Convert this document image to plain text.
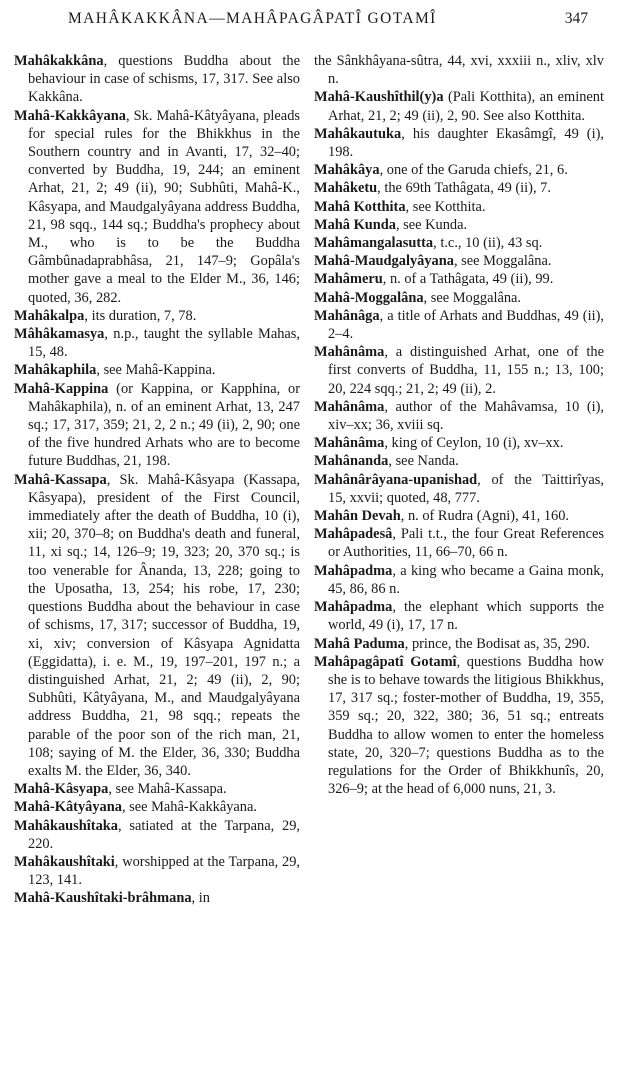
MAHÂKAKKÂNA—MAHÂPAGÂPATÎ GOTAMÎ	347

Mahâkakkâna, questions Buddha about the behaviour in case of schisms, 17, 317. See also Kakkâna.

Mahâ-Kakkâyana, Sk. Mahâ-Kâtyâyana, pleads for special rules for the Bhikkhus in the Southern country and in Avanti, 17, 32–40; converted by Buddha, 19, 244; an eminent Arhat, 21, 2; 49 (ii), 90; Subhûti, Mahâ-K., Kâsyapa, and Maudgalyâyana address Buddha, 21, 98 sqq., 144 sq.; Buddha's prophecy about M., who is to be the Buddha Gâmbûnadaprabhâsa, 21, 147–9; Gopâla's mother gave a meal to the Elder M., 36, 146; quoted, 36, 282.

Mahâkalpa, its duration, 7, 78.

Mâhâkamasya, n.p., taught the syllable Mahas, 15, 48.

Mahâkaphila, see Mahâ-Kappina.

Mahâ-Kappina (or Kappina, or Kapphina, or Mahâkaphila), n. of an eminent Arhat, 13, 247 sq.; 17, 317, 359; 21, 2, 2 n.; 49 (ii), 2, 90; one of the five hundred Arhats who are to become future Buddhas, 21, 198.

Mahâ-Kassapa, Sk. Mahâ-Kâsyapa (Kassapa, Kâsyapa), president of the First Council, immediately after the death of Buddha, 10 (i), xii; 20, 370–8; on Buddha's death and funeral, 11, xi sq.; 14, 126–9; 19, 323; 20, 370 sq.; is too venerable for Ânanda, 13, 228; going to the Uposatha, 13, 254; his robe, 17, 230; questions Buddha about the behaviour in case of schisms, 17, 317; successor of Buddha, 19, xi, xiv; conversion of Kâsyapa Agnidatta (Eggidatta), i. e. M., 19, 197–201, 197 n.; a distinguished Arhat, 21, 2; 49 (ii), 2, 90; Subhûti, Kâtyâyana, M., and Maudgalyâyana address Buddha, 21, 98 sqq.; repeats the parable of the poor son of the rich man, 21, 108; saying of M. the Elder, 36, 330; Buddha exalts M. the Elder, 36, 340.

Mahâ-Kâsyapa, see Mahâ-Kassapa.

Mahâ-Kâtyâyana, see Mahâ-Kakkâyana.

Mahâkaushîtaka, satiated at the Tarpana, 29, 220.

Mahâkaushîtaki, worshipped at the Tarpana, 29, 123, 141.

Mahâ-Kaushîtaki-brâhmana, in

the Sânkhâyana-sûtra, 44, xvi, xxxiii n., xliv, xlv n.

Mahâ-Kaushîthil(y)a (Pali Kotthita), an eminent Arhat, 21, 2; 49 (ii), 2, 90. See also Kotthita.

Mahâkautuka, his daughter Ekasâmgî, 49 (i), 198.

Mahâkâya, one of the Garuda chiefs, 21, 6.

Mahâketu, the 69th Tathâgata, 49 (ii), 7.

Mahâ Kotthita, see Kotthita.

Mahâ Kunda, see Kunda.

Mahâmangalasutta, t.c., 10 (ii), 43 sq.

Mahâ-Maudgalyâyana, see Moggalâna.

Mahâmeru, n. of a Tathâgata, 49 (ii), 99.

Mahâ-Moggalâna, see Moggalâna.

Mahânâga, a title of Arhats and Buddhas, 49 (ii), 2–4.

Mahânâma, a distinguished Arhat, one of the first converts of Buddha, 11, 155 n.; 13, 100; 20, 224 sqq.; 21, 2; 49 (ii), 2.

Mahânâma, author of the Mahâvamsa, 10 (i), xiv–xx; 36, xviii sq.

Mahânâma, king of Ceylon, 10 (i), xv–xx.

Mahânanda, see Nanda.

Mahânârâyana-upanishad, of the Taittirîyas, 15, xxvii; quoted, 48, 777.

Mahân Devah, n. of Rudra (Agni), 41, 160.

Mahâpadesâ, Pali t.t., the four Great References or Authorities, 11, 66–70, 66 n.

Mahâpadma, a king who became a Gaina monk, 45, 86, 86 n.

Mahâpadma, the elephant which supports the world, 49 (i), 17, 17 n.

Mahâ Paduma, prince, the Bodisat as, 35, 290.

Mahâpagâpatî Gotamî, questions Buddha how she is to behave towards the litigious Bhikkhus, 17, 317 sq.; foster-mother of Buddha, 19, 355, 359 sq.; 20, 322, 380; 36, 51 sq.; entreats Buddha to allow women to enter the homeless state, 20, 320–7; questions Buddha as to the regulations for the Order of Bhikkhunîs, 20, 326–9; at the head of 6,000 nuns, 21, 3.
